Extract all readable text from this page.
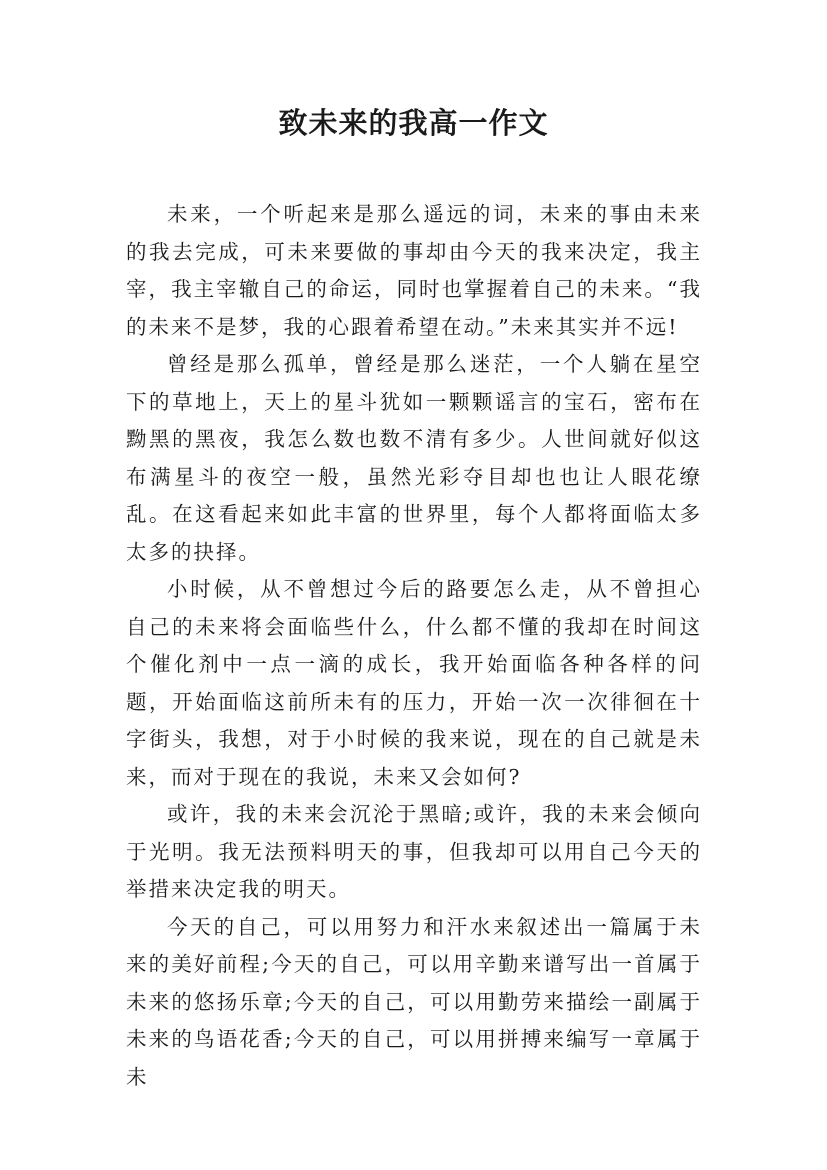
致未来的我高一作文

未来，一个听起来是那么遥远的词，未来的事由未来的我去完成，可未来要做的事却由今天的我来决定，我主宰，我主宰辙自己的命运，同时也掌握着自己的未来。“我的未来不是梦，我的心跟着希望在动。”未来其实并不远!

曾经是那么孤单，曾经是那么迷茫，一个人躺在星空下的草地上，天上的星斗犹如一颗颗谣言的宝石，密布在黝黑的黑夜，我怎么数也数不清有多少。人世间就好似这布满星斗的夜空一般，虽然光彩夺目却也也让人眼花缭乱。在这看起来如此丰富的世界里，每个人都将面临太多太多的抉择。

小时候，从不曾想过今后的路要怎么走，从不曾担心自己的未来将会面临些什么，什么都不懂的我却在时间这个催化剂中一点一滴的成长，我开始面临各种各样的问题，开始面临这前所未有的压力，开始一次一次徘徊在十字街头，我想，对于小时候的我来说，现在的自己就是未来，而对于现在的我说，未来又会如何?

或许，我的未来会沉沦于黑暗;或许，我的未来会倾向于光明。我无法预料明天的事，但我却可以用自己今天的举措来决定我的明天。

今天的自己，可以用努力和汗水来叙述出一篇属于未来的美好前程;今天的自己，可以用辛勤来谱写出一首属于未来的悠扬乐章;今天的自己，可以用勤劳来描绘一副属于未来的鸟语花香;今天的自己，可以用拼搏来编写一章属于未
